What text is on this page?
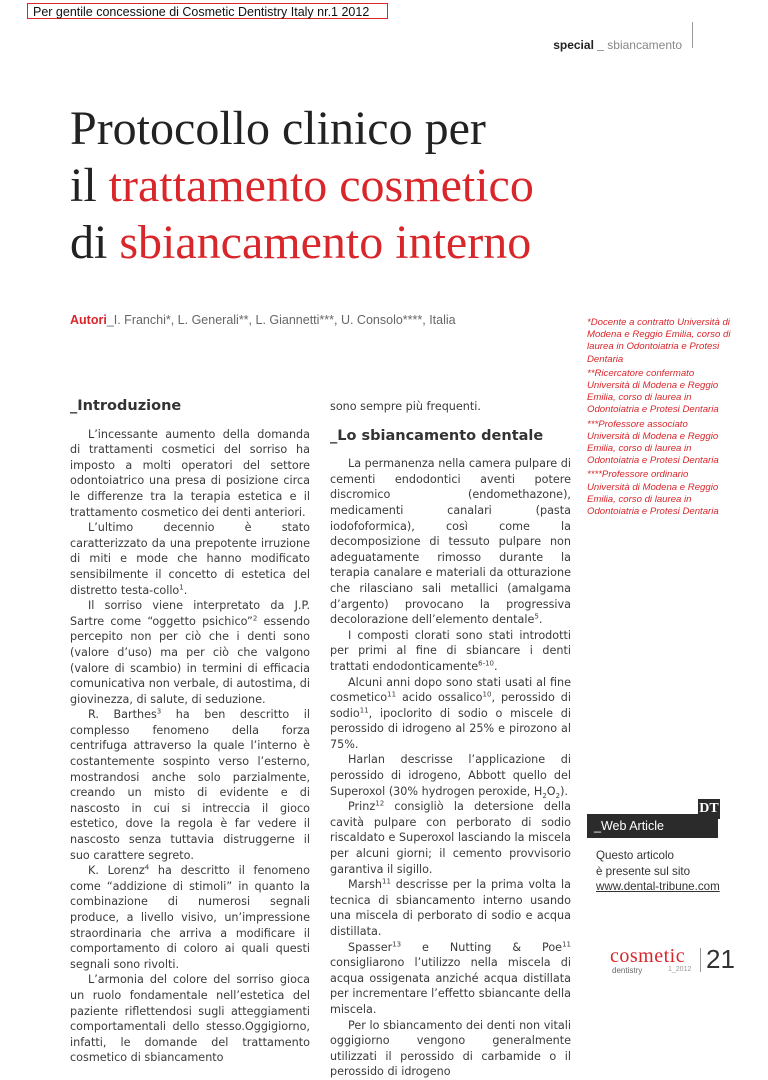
Per gentile concessione di Cosmetic Dentistry Italy nr.1 2012
special _ sbiancamento
Protocollo clinico per
il trattamento cosmetico
di sbiancamento interno
Autori_I. Franchi*, L. Generali**, L. Giannetti***, U. Consolo****, Italia
_Introduzione

L’incessante aumento della domanda di trattamenti cosmetici del sorriso ha imposto a molti operatori del settore odontoiatrico una presa di posizione circa le differenze tra la terapia estetica e il trattamento cosmetico dei denti anteriori.

L’ultimo decennio è stato caratterizzato da una prepotente irruzione di miti e mode che hanno modificato sensibilmente il concetto di estetica del distretto testa-collo$^1$.

Il sorriso viene interpretato da J.P. Sartre come “oggetto psichico”$^2$ essendo percepito non per ciò che i denti sono (valore d’uso) ma per ciò che valgono (valore di scambio) in termini di efficacia comunicativa non verbale, di autostima, di giovinezza, di salute, di seduzione.

R. Barthes$^3$ ha ben descritto il complesso fenomeno della forza centrifuga attraverso la quale l’interno è costantemente sospinto verso l’esterno, mostrandosi anche solo parzialmente, creando un misto di evidente e di nascosto in cui si intreccia il gioco estetico, dove la regola è far vedere il nascosto senza tuttavia distruggerne il suo carattere segreto.

K. Lorenz$^4$ ha descritto il fenomeno come “addizione di stimoli” in quanto la combinazione di numerosi segnali produce, a livello visivo, un’impressione straordinaria che arriva a modificare il comportamento di coloro ai quali questi segnali sono rivolti.

L’armonia del colore del sorriso gioca un ruolo fondamentale nell’estetica del paziente riflettendosi sugli atteggiamenti comportamentali dello stesso.Oggigiorno, infatti, le domande del trattamento cosmetico di sbiancamento

sono sempre più frequenti.

_Lo sbiancamento dentale

La permanenza nella camera pulpare di cementi endodontici aventi potere discromico (endomethazone), medicamenti canalari (pasta iodofoformica), così come la decomposizione di tessuto pulpare non adeguatamente rimosso durante la terapia canalare e materiali da otturazione che rilasciano sali metallici (amalgama d’argento) provocano la progressiva decolorazione dell’elemento dentale$^5$.

I composti clorati sono stati introdotti per primi al fine di sbiancare i denti trattati endodonticamente$^{6-10}$.

Alcuni anni dopo sono stati usati al fine cosmetico$^{11}$ acido ossalico$^{10}$, perossido di sodio$^{11}$, ipoclorito di sodio o miscele di perossido di idrogeno al 25% e pirozono al 75%.

Harlan descrisse l’applicazione di perossido di idrogeno, Abbott quello del Superoxol (30% hydrogen peroxide, $H_2O_2$).

Prinz$^{12}$ consigliò la detersione della cavità pulpare con perborato di sodio riscaldato e Superoxol lasciando la miscela per alcuni giorni; il cemento provvisorio garantiva il sigillo.

Marsh$^{11}$ descrisse per la prima volta la tecnica di sbiancamento interno usando una miscela di perborato di sodio e acqua distillata.

Spasser$^{13}$ e Nutting & Poe$^{11}$ consigliarono l’utilizzo nella miscela di acqua ossigenata anziché acqua distillata per incrementare l’effetto sbiancante della miscela.

Per lo sbiancamento dei denti non vitali oggigiorno vengono generalmente utilizzati il perossido di carbamide o il perossido di idrogeno

*Docente a contratto Università di Modena e Reggio Emilia, corso di laurea in Odontoiatria e Protesi Dentaria
**Ricercatore confermato Università di Modena e Reggio Emilia, corso di laurea in Odontoiatria e Protesi Dentaria
***Professore associato Università di Modena e Reggio Emilia, corso di laurea in Odontoiatria e Protesi Dentaria
****Professore ordinario Università di Modena e Reggio Emilia, corso di laurea in Odontoiatria e Protesi Dentaria
_Web Article
DT
Questo articolo
è presente sul sito
www.dental-tribune.com
cosmetic
dentistry	1_2012 21
